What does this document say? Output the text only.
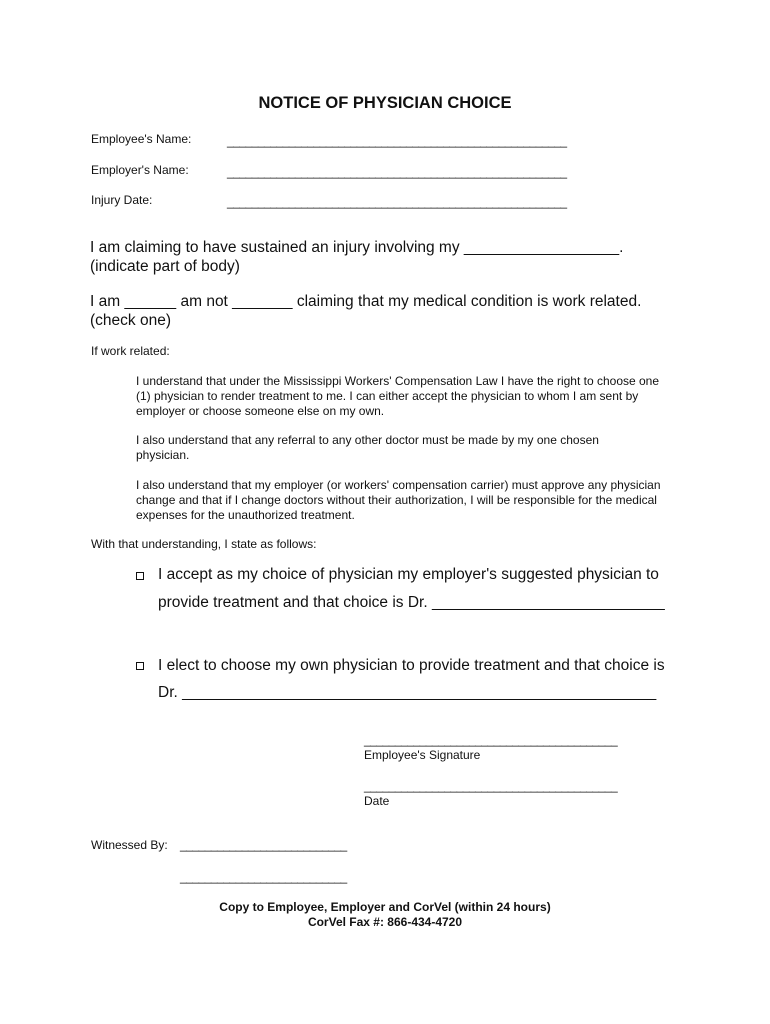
NOTICE OF PHYSICIAN CHOICE
Employee's Name:	_______________________________________________________
Employer's Name:	_______________________________________________________
Injury Date:	_______________________________________________________
I am claiming to have sustained an injury involving my __________________.
(indicate part of body)
I am ______ am not _______ claiming that my medical condition is work related.
(check one)
If work related:
I understand that under the Mississippi Workers' Compensation Law I have the right to choose one (1) physician to render treatment to me. I can either accept the physician to whom I am sent by employer or choose someone else on my own.
I also understand that any referral to any other doctor must be made by my one chosen physician.
I also understand that my employer (or workers' compensation carrier) must approve any physician change and that if I change doctors without their authorization, I will be responsible for the medical expenses for the unauthorized treatment.
With that understanding, I state as follows:
I accept as my choice of physician my employer's suggested physician to
provide treatment and that choice is Dr. ___________________________
I elect to choose my own physician to provide treatment and that choice is
Dr. _______________________________________________________
_________________________________________
Employee's Signature
_________________________________________
Date
Witnessed By: ___________________________
___________________________
Copy to Employee, Employer and CorVel (within 24 hours)
CorVel Fax #: 866-434-4720
